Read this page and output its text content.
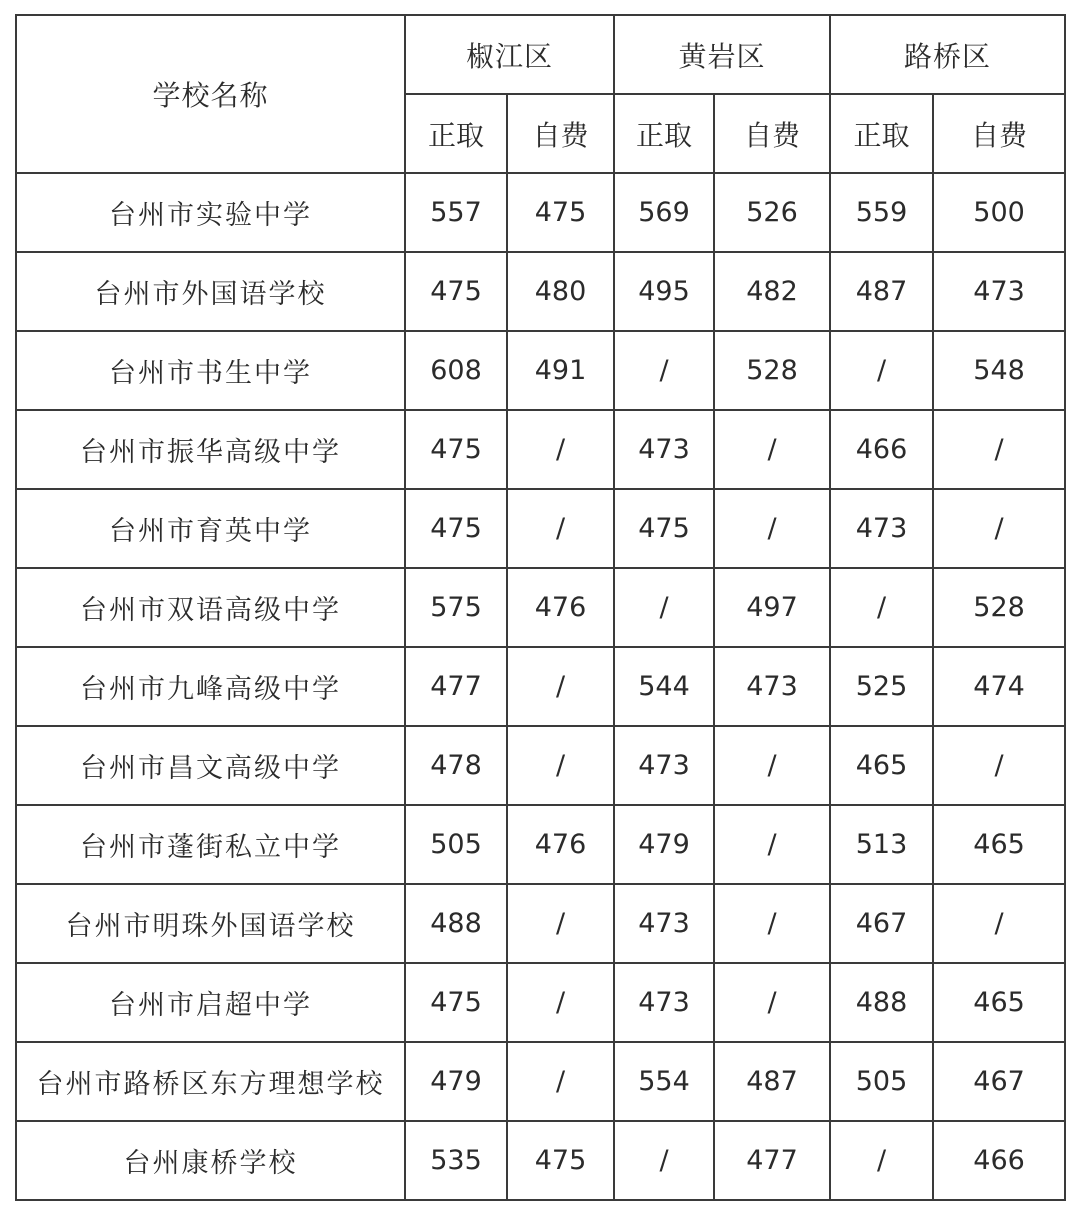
学校名称	椒江区		黄岩区		路桥区	
	正取	自费	正取	自费	正取	自费
台州市实验中学	557	475	569	526	559	500
台州市外国语学校	475	480	495	482	487	473
台州市书生中学	608	491	/	528	/	548
台州市振华高级中学	475	/	473	/	466	/
台州市育英中学	475	/	475	/	473	/
台州市双语高级中学	575	476	/	497	/	528
台州市九峰高级中学	477	/	544	473	525	474
台州市昌文高级中学	478	/	473	/	465	/
台州市蓬街私立中学	505	476	479	/	513	465
台州市明珠外国语学校	488	/	473	/	467	/
台州市启超中学	475	/	473	/	488	465
台州市路桥区东方理想学校	479	/	554	487	505	467
台州康桥学校	535	475	/	477	/	466
